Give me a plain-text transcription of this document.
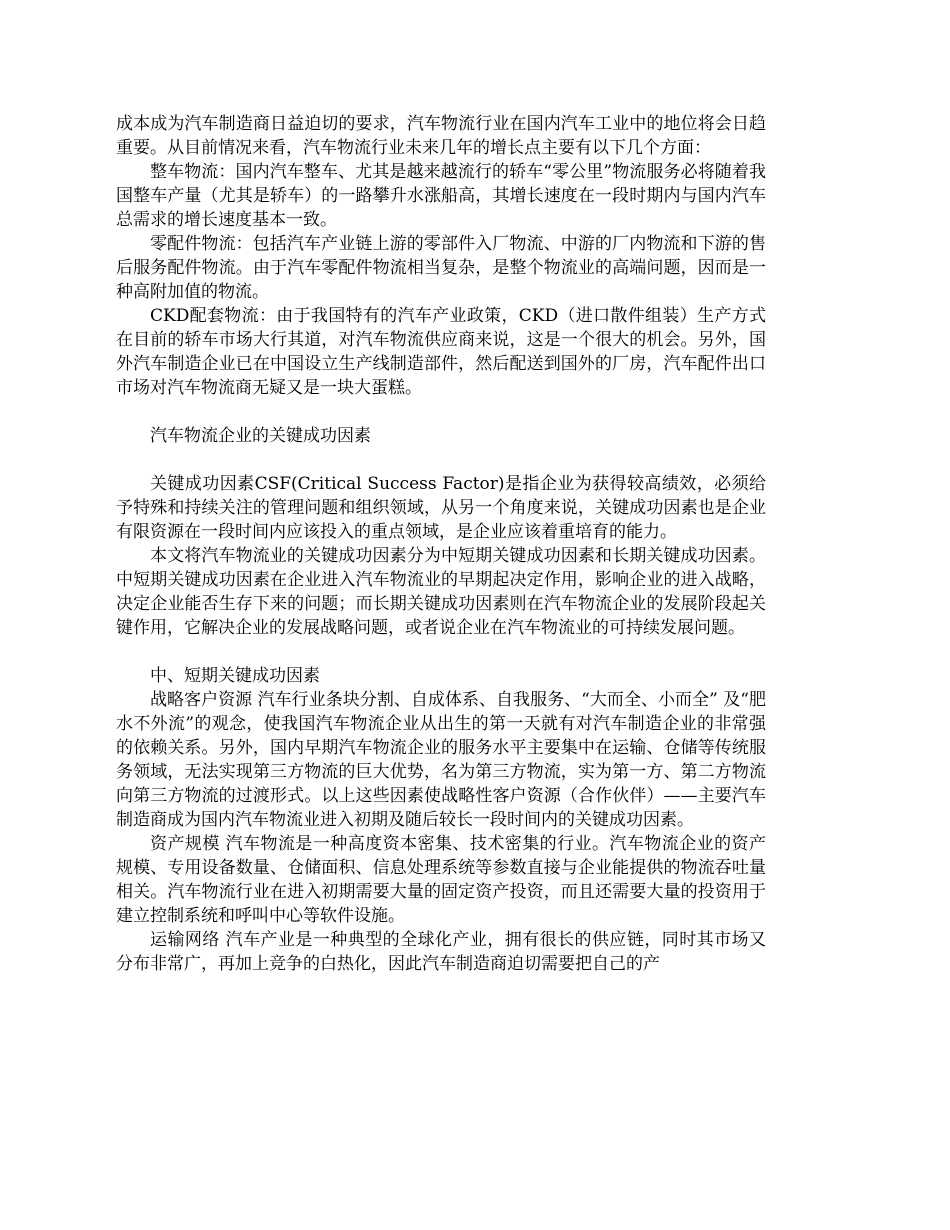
成本成为汽车制造商日益迫切的要求，汽车物流行业在国内汽车工业中的地位将会日趋重要。从目前情况来看，汽车物流行业未来几年的增长点主要有以下几个方面：

整车物流：国内汽车整车、尤其是越来越流行的轿车“零公里”物流服务必将随着我国整车产量（尤其是轿车）的一路攀升水涨船高，其增长速度在一段时期内与国内汽车总需求的增长速度基本一致。

零配件物流：包括汽车产业链上游的零部件入厂物流、中游的厂内物流和下游的售后服务配件物流。由于汽车零配件物流相当复杂，是整个物流业的高端问题，因而是一种高附加值的物流。

CKD配套物流：由于我国特有的汽车产业政策，CKD（进口散件组装）生产方式在目前的轿车市场大行其道，对汽车物流供应商来说，这是一个很大的机会。另外，国外汽车制造企业已在中国设立生产线制造部件，然后配送到国外的厂房，汽车配件出口市场对汽车物流商无疑又是一块大蛋糕。

汽车物流企业的关键成功因素

关键成功因素CSF(Critical Success Factor)是指企业为获得较高绩效，必须给予特殊和持续关注的管理问题和组织领域，从另一个角度来说，关键成功因素也是企业有限资源在一段时间内应该投入的重点领域，是企业应该着重培育的能力。

本文将汽车物流业的关键成功因素分为中短期关键成功因素和长期关键成功因素。中短期关键成功因素在企业进入汽车物流业的早期起决定作用，影响企业的进入战略，决定企业能否生存下来的问题；而长期关键成功因素则在汽车物流企业的发展阶段起关键作用，它解决企业的发展战略问题，或者说企业在汽车物流业的可持续发展问题。

中、短期关键成功因素

战略客户资源 汽车行业条块分割、自成体系、自我服务、“大而全、小而全” 及“肥水不外流”的观念，使我国汽车物流企业从出生的第一天就有对汽车制造企业的非常强的依赖关系。另外，国内早期汽车物流企业的服务水平主要集中在运输、仓储等传统服务领域，无法实现第三方物流的巨大优势，名为第三方物流，实为第一方、第二方物流向第三方物流的过渡形式。以上这些因素使战略性客户资源（合作伙伴）——主要汽车制造商成为国内汽车物流业进入初期及随后较长一段时间内的关键成功因素。

资产规模 汽车物流是一种高度资本密集、技术密集的行业。汽车物流企业的资产规模、专用设备数量、仓储面积、信息处理系统等参数直接与企业能提供的物流吞吐量相关。汽车物流行业在进入初期需要大量的固定资产投资，而且还需要大量的投资用于建立控制系统和呼叫中心等软件设施。

运输网络 汽车产业是一种典型的全球化产业，拥有很长的供应链，同时其市场又分布非常广，再加上竞争的白热化，因此汽车制造商迫切需要把自己的产
